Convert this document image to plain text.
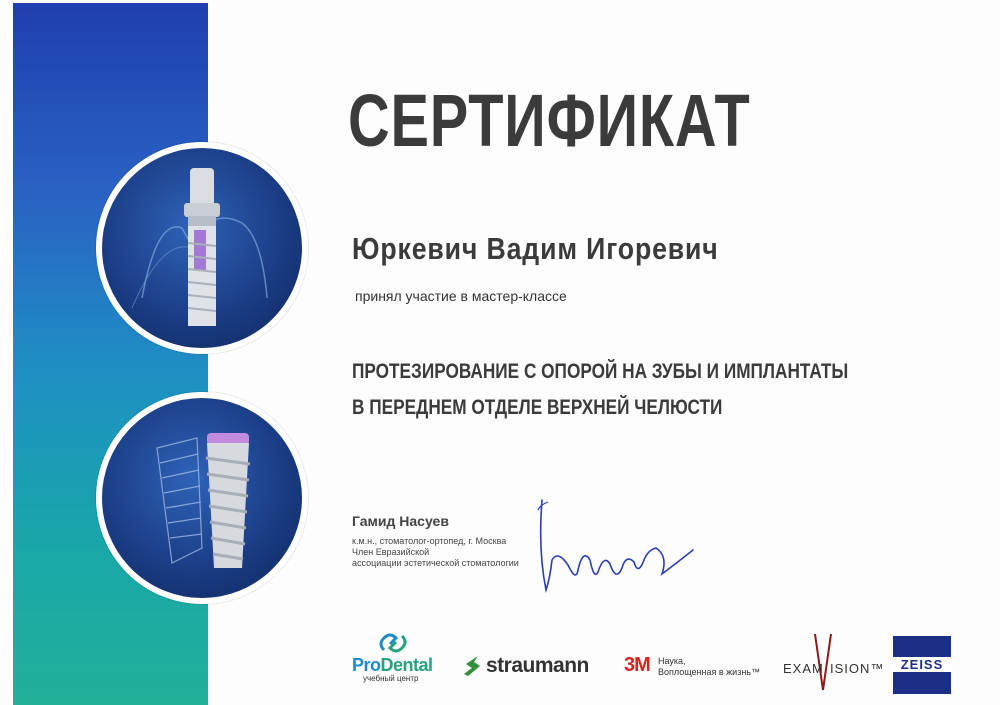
СЕРТИФИКАТ
Юркевич Вадим Игоревич
принял участие в мастер-классе
ПРОТЕЗИРОВАНИЕ С ОПОРОЙ НА ЗУБЫ И ИМПЛАНТАТЫ
В ПЕРЕДНЕМ ОТДЕЛЕ ВЕРХНЕЙ ЧЕЛЮСТИ
Гамид Насуев
к.м.н., стоматолог-ортопед, г. Москва
Член Евразийской
ассоциации эстетической стоматологии
ProDental
учебный центр
straumann 3M Наука,
Воплощенная в жизнь™ EXAM ISION™	ZEISS
